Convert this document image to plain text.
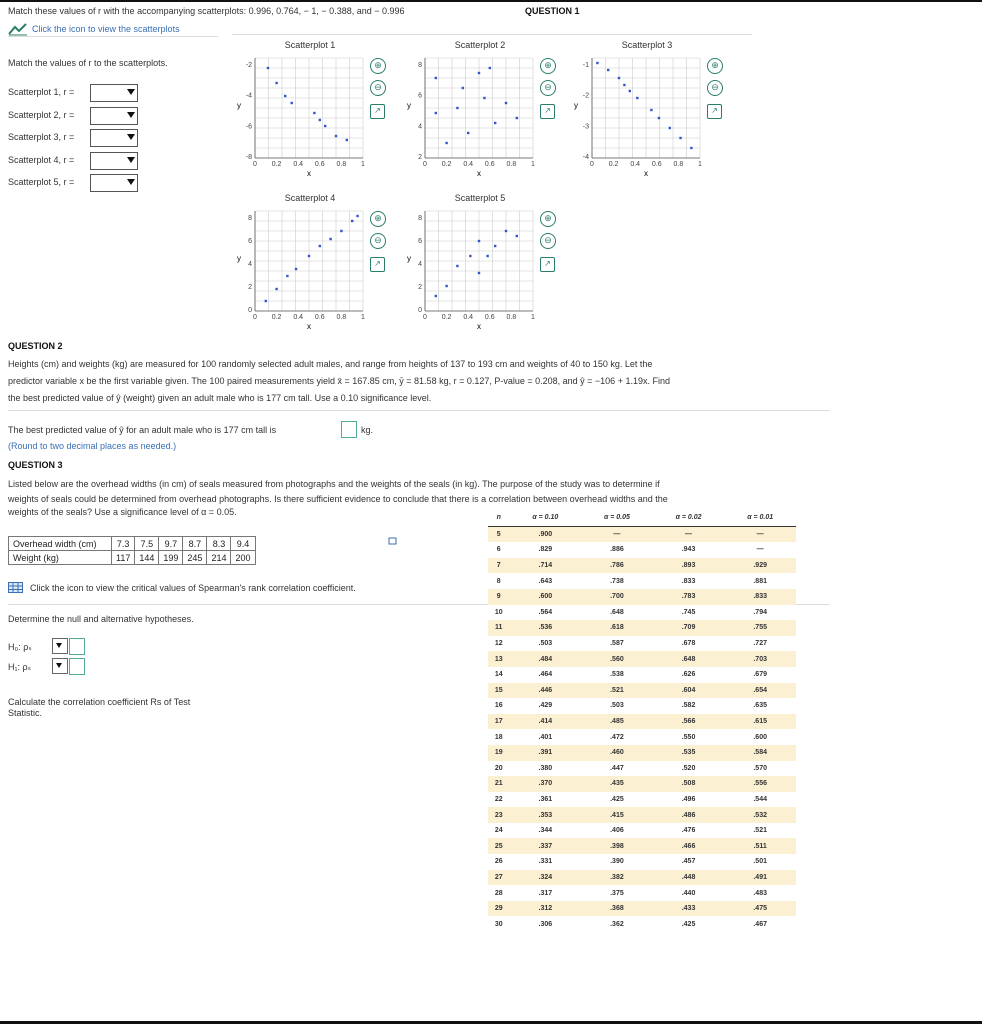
Match these values of r with the accompanying scatterplots: 0.996, 0.764, − 1, − 0.388, and − 0.996	QUESTION 1
Click the icon to view the scatterplots
Match the values of r to the scatterplots.
Scatterplot 1, r =
Scatterplot 2, r =
Scatterplot 3, r =
Scatterplot 4, r =
Scatterplot 5, r =
Scatterplot 1
-2
-4
-6
-8
0 0.2 0.4 0.6 0.8 1
x
y
⊕
⊖
↗
Scatterplot 2
8
6
4
2
0 0.2 0.4 0.6 0.8 1
x
y
⊕
⊖
↗
Scatterplot 3
-1
-2
-3
-4
0 0.2 0.4 0.6 0.8 1
x
y
⊕
⊖
↗
Scatterplot 4
8
6
4
2
0
0 0.2 0.4 0.6 0.8 1
x
y
⊕
⊖
↗
Scatterplot 5
8
6
4
2
0
0 0.2 0.4 0.6 0.8 1
x
y
⊕
⊖
↗
QUESTION 2
Heights (cm) and weights (kg) are measured for 100 randomly selected adult males, and range from heights of 137 to 193 cm and weights of 40 to 150 kg. Let the
predictor variable x be the first variable given. The 100 paired measurements yield x̄ = 167.85 cm, ȳ = 81.58 kg, r = 0.127, P-value = 0.208, and ŷ = −106 + 1.19x. Find
the best predicted value of ŷ (weight) given an adult male who is 177 cm tall. Use a 0.10 significance level.
The best predicted value of ŷ for an adult male who is 177 cm tall is	kg.
(Round to two decimal places as needed.)
QUESTION 3
Listed below are the overhead widths (in cm) of seals measured from photographs and the weights of the seals (in kg). The purpose of the study was to determine if
weights of seals could be determined from overhead photographs. Is there sufficient evidence to conclude that there is a correlation between overhead widths and the
weights of the seals? Use a significance level of α = 0.05.
Overhead width (cm)	7.3	7.5	9.7	8.7	8.3	9.4
Weight (kg)	117	144	199	245	214	200
Click the icon to view the critical values of Spearman's rank correlation coefficient.
Determine the null and alternative hypotheses.
H₀: ρₛ
H₁: ρₛ
Calculate the correlation coefficient Rs of Test
Statistic.
n	α = 0.10	α = 0.05	α = 0.02	α = 0.01
5	.900	—	—	—
6	.829	.886	.943	—
7	.714	.786	.893	.929
8	.643	.738	.833	.881
9	.600	.700	.783	.833
10	.564	.648	.745	.794
11	.536	.618	.709	.755
12	.503	.587	.678	.727
13	.484	.560	.648	.703
14	.464	.538	.626	.679
15	.446	.521	.604	.654
16	.429	.503	.582	.635
17	.414	.485	.566	.615
18	.401	.472	.550	.600
19	.391	.460	.535	.584
20	.380	.447	.520	.570
21	.370	.435	.508	.556
22	.361	.425	.496	.544
23	.353	.415	.486	.532
24	.344	.406	.476	.521
25	.337	.398	.466	.511
26	.331	.390	.457	.501
27	.324	.382	.448	.491
28	.317	.375	.440	.483
29	.312	.368	.433	.475
30	.306	.362	.425	.467
